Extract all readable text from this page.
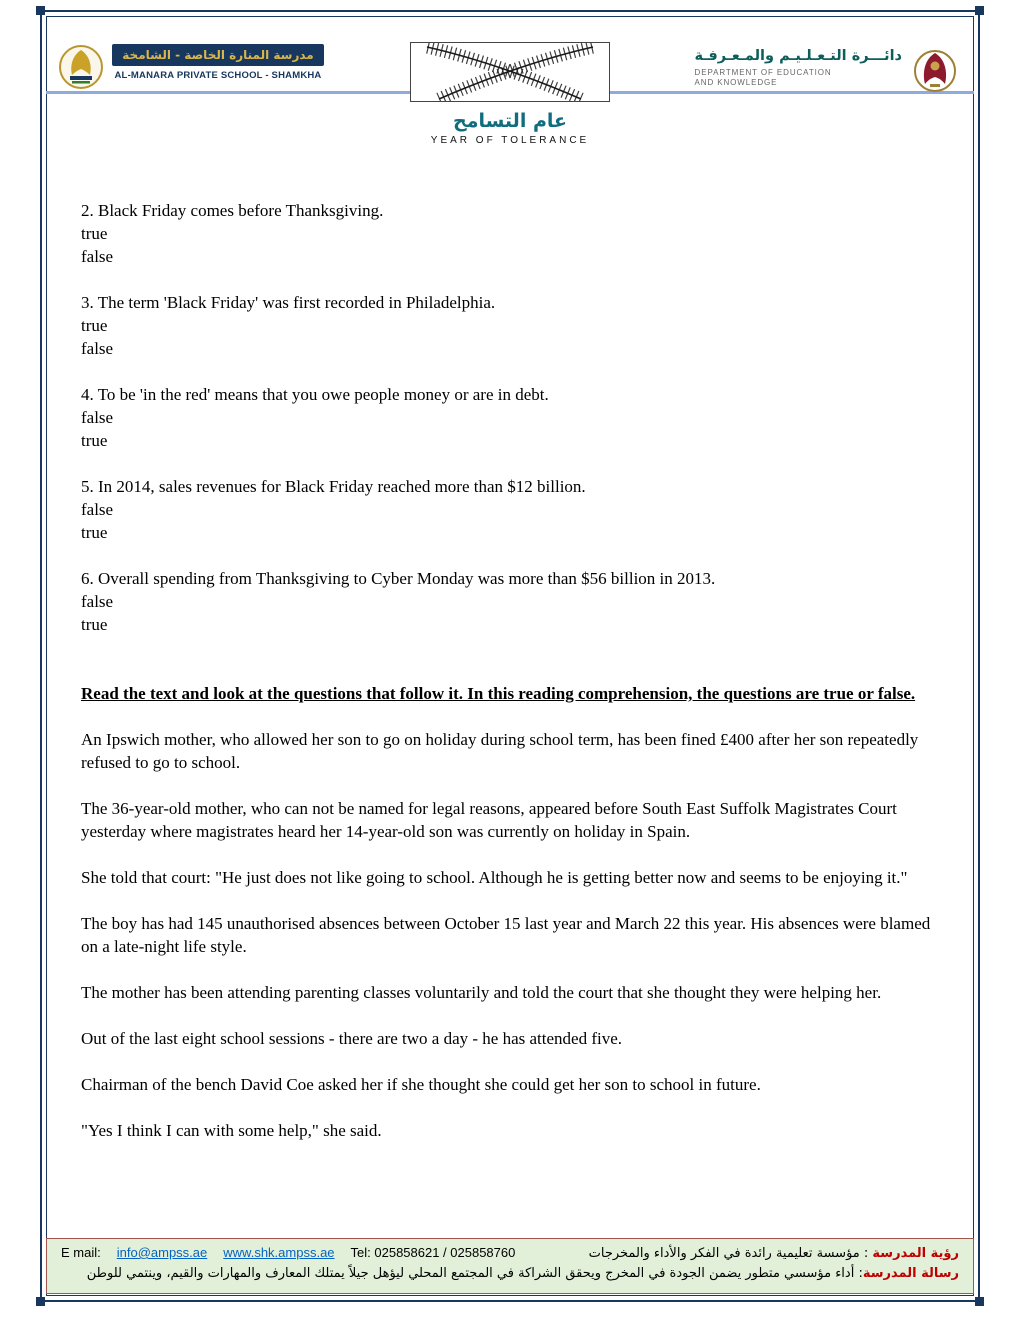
مدرسة المنارة الخاصة - الشامخة
AL-MANARA PRIVATE SCHOOL - SHAMKHA
عام التسامح
YEAR OF TOLERANCE
دائـــرة التـعـلـيـم والمـعـرفـة
DEPARTMENT OF EDUCATION
AND KNOWLEDGE
2. Black Friday comes before Thanksgiving.
true
false
3. The term 'Black Friday' was first recorded in Philadelphia.
true
false
4. To be 'in the red' means that you owe people money or are in debt.
false
true
5. In 2014, sales revenues for Black Friday reached more than $12 billion.
false
true
6. Overall spending from Thanksgiving to Cyber Monday was more than $56 billion in 2013.
false
true
Read the text and look at the questions that follow it. In this reading comprehension, the questions are true or false.

An Ipswich mother, who allowed her son to go on holiday during school term, has been fined £400 after her son repeatedly refused to go to school.

The 36-year-old mother, who can not be named for legal reasons, appeared before South East Suffolk Magistrates Court yesterday where magistrates heard her 14-year-old son was currently on holiday in Spain.

She told that court: "He just does not like going to school. Although he is getting better now and seems to be enjoying it."

The boy has had 145 unauthorised absences between October 15 last year and March 22 this year. His absences were blamed on a late-night life style.

The mother has been attending parenting classes voluntarily and told the court that she thought they were helping her.

Out of the last eight school sessions - there are two a day - he has attended five.

Chairman of the bench David Coe asked her if she thought she could get her son to school in future.

"Yes I think I can with some help," she said.

E mail: info@ampss.ae www.shk.ampss.ae Tel: 025858621 / 025858760	رؤية المدرسة : مؤسسة تعليمية رائدة في الفكر والأداء والمخرجات
رسالة المدرسة: أداء مؤسسي متطور يضمن الجودة في المخرج ويحقق الشراكة في المجتمع المحلي ليؤهل جيلاً يمتلك المعارف والمهارات والقيم، وينتمي للوطن
